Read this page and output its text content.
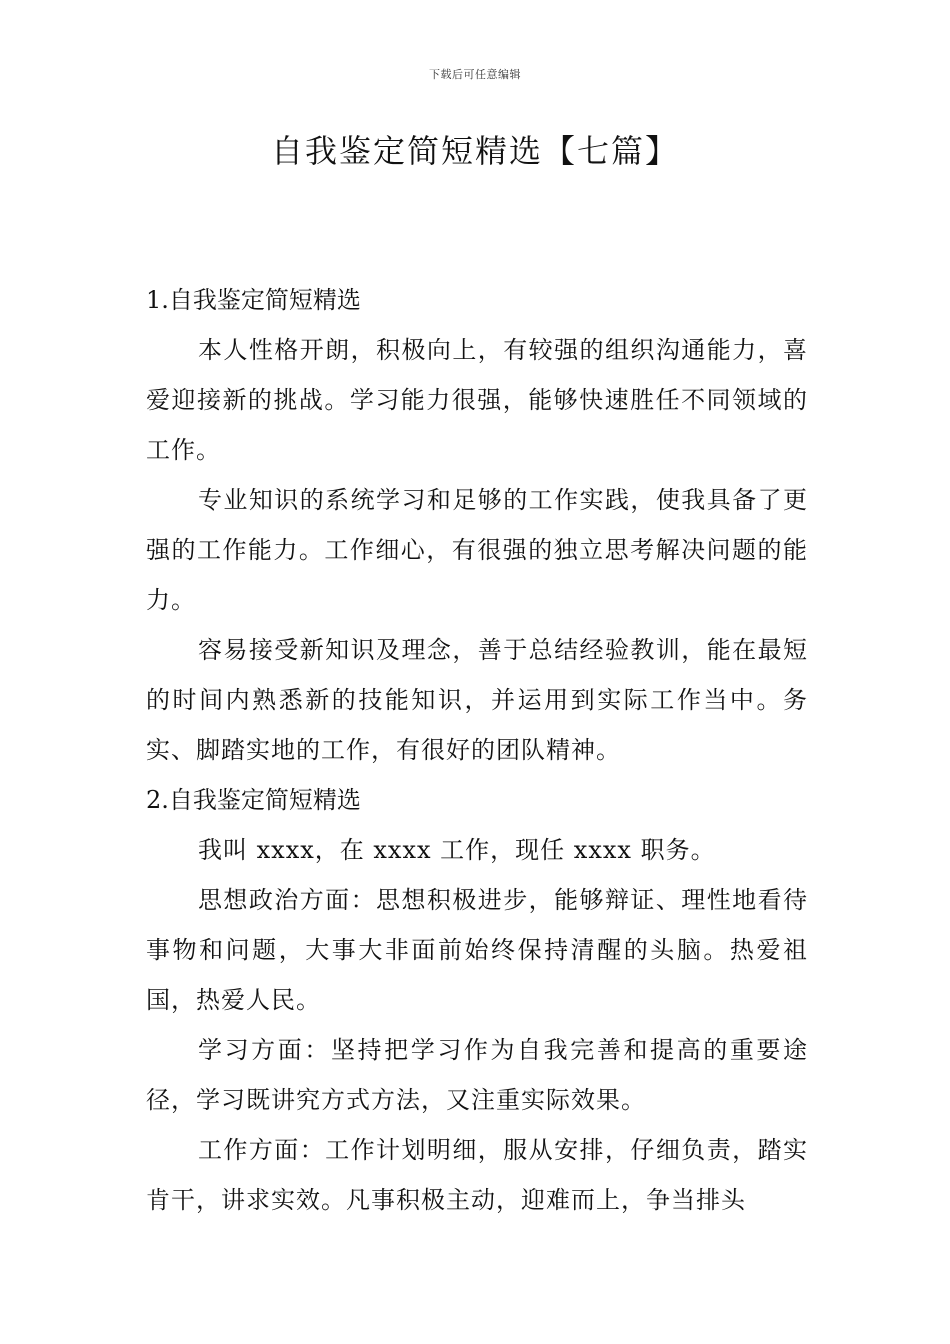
下载后可任意编辑
自我鉴定简短精选【七篇】

1.自我鉴定简短精选

本人性格开朗，积极向上，有较强的组织沟通能力，喜爱迎接新的挑战。学习能力很强，能够快速胜任不同领域的工作。

专业知识的系统学习和足够的工作实践，使我具备了更强的工作能力。工作细心，有很强的独立思考解决问题的能力。

容易接受新知识及理念，善于总结经验教训，能在最短的时间内熟悉新的技能知识，并运用到实际工作当中。务实、脚踏实地的工作，有很好的团队精神。

2.自我鉴定简短精选

我叫 xxxx，在 xxxx 工作，现任 xxxx 职务。

思想政治方面：思想积极进步，能够辩证、理性地看待事物和问题，大事大非面前始终保持清醒的头脑。热爱祖国，热爱人民。

学习方面：坚持把学习作为自我完善和提高的重要途径，学习既讲究方式方法，又注重实际效果。

工作方面：工作计划明细，服从安排，仔细负责，踏实肯干，讲求实效。凡事积极主动，迎难而上，争当排头
